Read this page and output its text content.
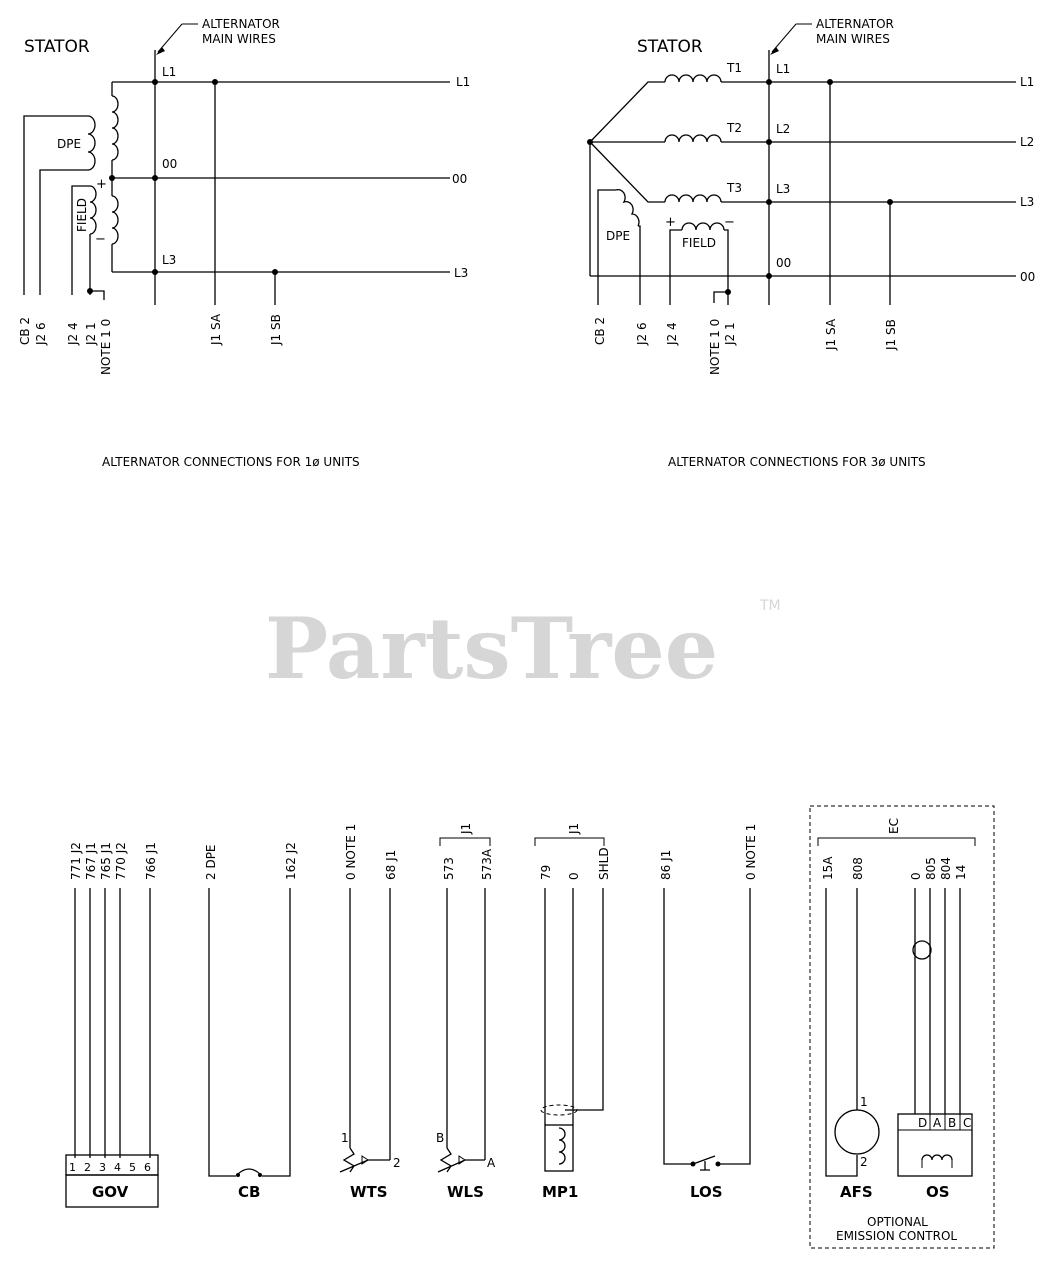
PartsTree	TM
STATOR
ALTERNATOR
MAIN WIRES
L1
L1
00
00
L3
L3
DPE
FIELD
+
−
CB 2 J2 6 J2 4 J2 1 NOTE 1 0	J1 SA	J1 SB
ALTERNATOR CONNECTIONS FOR 1ø UNITS
STATOR
ALTERNATOR
MAIN WIRES
T1
T2
T3
L1
L2
L3
00
L1
L2
L3
00
DPE
+	−
FIELD
CB 2 J2 6 J2 4 NOTE 1 0 J2 1	J1 SA	J1 SB
ALTERNATOR CONNECTIONS FOR 3ø UNITS
771 J2 767 J1 765 J1 770 J2 766 J1
1 2 3 4 5 6
GOV
2 DPE	162 J2
CB
0 NOTE 1 68 J1
1
2
WTS
J1
573 573A
B
A
WLS
J1
79 0 SHLD
MP1
86 J1	0 NOTE 1
LOS
EC
15A 808
1
2
AFS
0 805 804 14
D A B C
OS
OPTIONAL
EMISSION CONTROL
